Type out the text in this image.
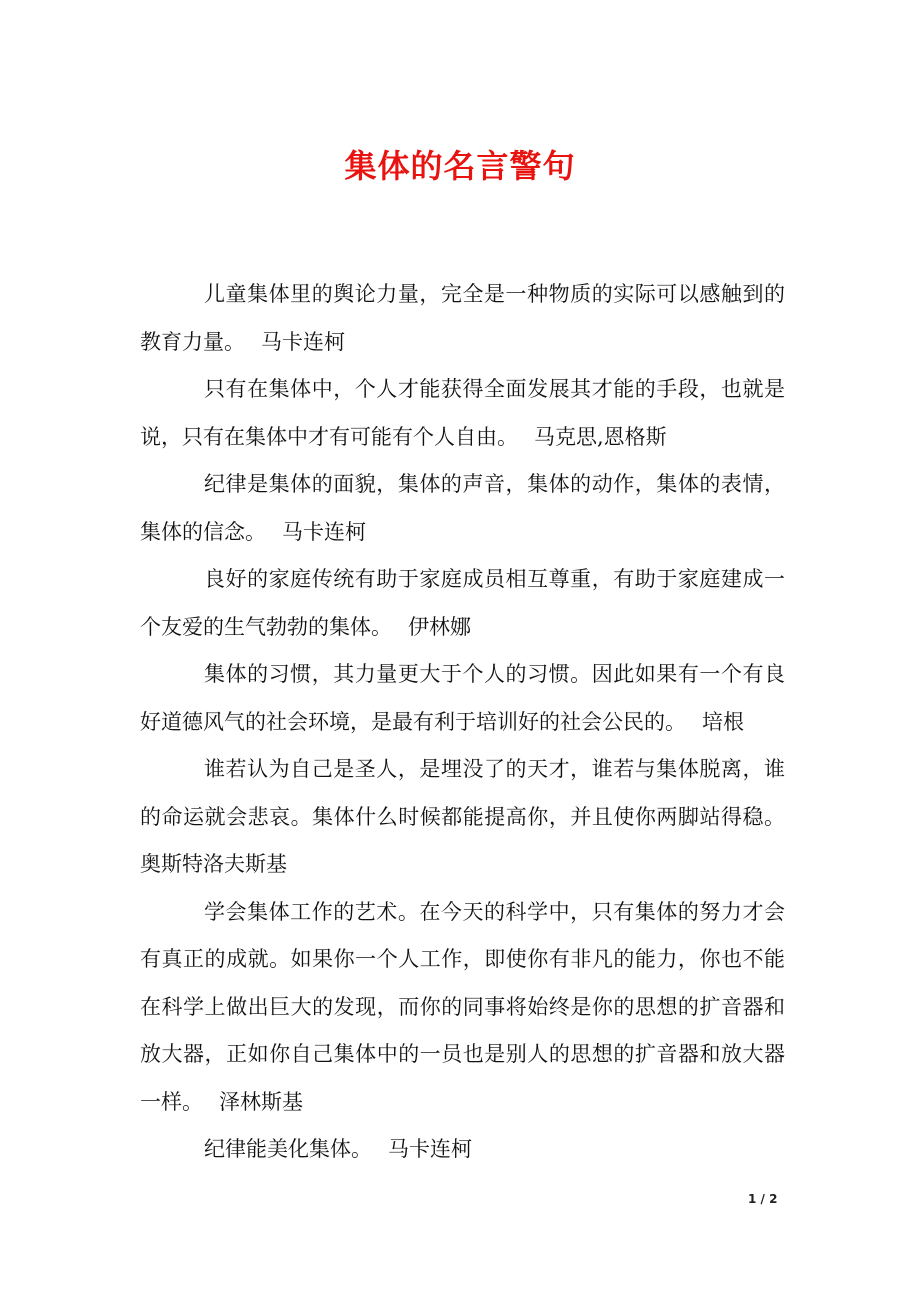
集体的名言警句

儿童集体里的舆论力量，完全是一种物质的实际可以感触到的教育力量。 马卡连柯

只有在集体中，个人才能获得全面发展其才能的手段，也就是说，只有在集体中才有可能有个人自由。 马克思,恩格斯

纪律是集体的面貌，集体的声音，集体的动作，集体的表情，集体的信念。 马卡连柯

良好的家庭传统有助于家庭成员相互尊重，有助于家庭建成一个友爱的生气勃勃的集体。 伊林娜

集体的习惯，其力量更大于个人的习惯。因此如果有一个有良好道德风气的社会环境，是最有利于培训好的社会公民的。 培根

谁若认为自己是圣人，是埋没了的天才，谁若与集体脱离，谁的命运就会悲哀。集体什么时候都能提高你，并且使你两脚站得稳。奥斯特洛夫斯基

学会集体工作的艺术。在今天的科学中，只有集体的努力才会有真正的成就。如果你一个人工作，即使你有非凡的能力，你也不能在科学上做出巨大的发现，而你的同事将始终是你的思想的扩音器和放大器，正如你自己集体中的一员也是别人的思想的扩音器和放大器一样。 泽林斯基

纪律能美化集体。 马卡连柯

1 / 2
